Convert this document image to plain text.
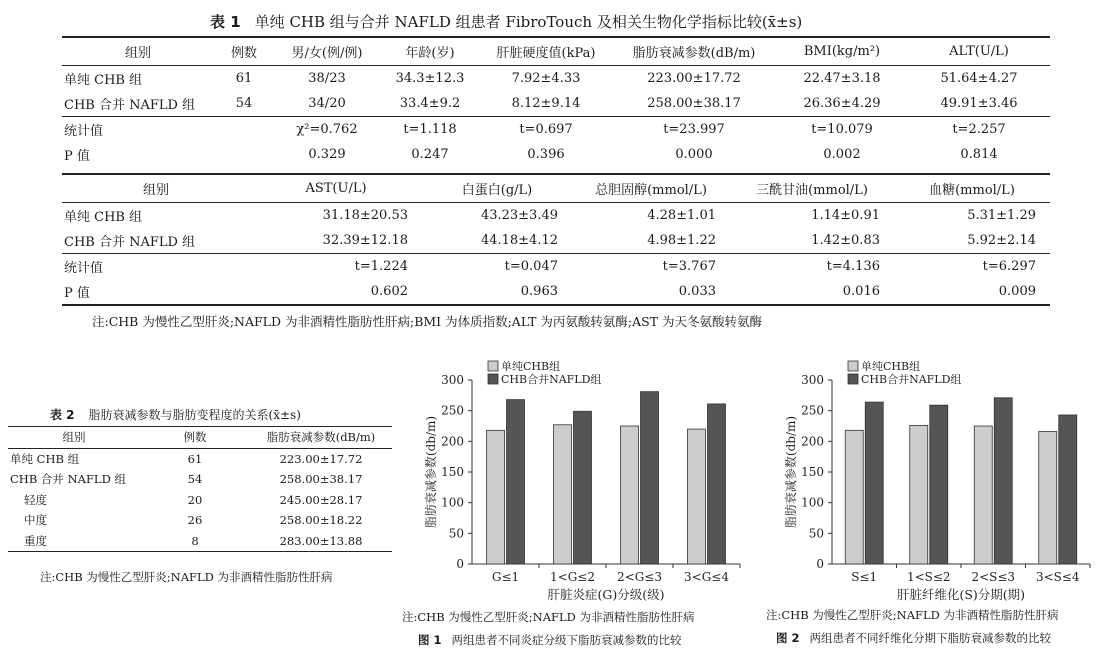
表 1 单纯 CHB 组与合并 NAFLD 组患者 FibroTouch 及相关生物化学指标比较(x̄±s)
组别	例数	男/女(例/例)	年龄(岁)	肝脏硬度值(kPa)	脂肪衰减参数(dB/m)	BMI(kg/m²)	ALT(U/L)
单纯 CHB 组	61	38/23	34.3±12.3	7.92±4.33	223.00±17.72	22.47±3.18	51.64±4.27
CHB 合并 NAFLD 组	54	34/20	33.4±9.2	8.12±9.14	258.00±38.17	26.36±4.29	49.91±3.46
统计值		χ²=0.762	t=1.118	t=0.697	t=23.997	t=10.079	t=2.257
P 值		0.329	0.247	0.396	0.000	0.002	0.814
组别	AST(U/L)	白蛋白(g/L)	总胆固醇(mmol/L)	三酰甘油(mmol/L)	血糖(mmol/L)
单纯 CHB 组	31.18±20.53	43.23±3.49	4.28±1.01	1.14±0.91	5.31±1.29
CHB 合并 NAFLD 组	32.39±12.18	44.18±4.12	4.98±1.22	1.42±0.83	5.92±2.14
统计值	t=1.224	t=0.047	t=3.767	t=4.136	t=6.297
P 值	0.602	0.963	0.033	0.016	0.009
注:CHB 为慢性乙型肝炎;NAFLD 为非酒精性脂肪性肝病;BMI 为体质指数;ALT 为丙氨酸转氨酶;AST 为天冬氨酸转氨酶
表 2 脂肪衰减参数与脂肪变程度的关系(x̄±s)
组别	例数	脂肪衰减参数(dB/m)
单纯 CHB 组	61	223.00±17.72
CHB 合并 NAFLD 组	54	258.00±38.17
轻度	20	245.00±28.17
中度	26	258.00±18.22
重度	8	283.00±13.88
注:CHB 为慢性乙型肝炎;NAFLD 为非酒精性脂肪性肝病
0
50
100
150
200
250
300
G≤1	1<G≤2 2<G≤3 3<G≤4
肝脏炎症(G)分级(级)
脂肪衰减参数(db/m)
单纯CHB组
CHB合并NAFLD组
注:CHB 为慢性乙型肝炎;NAFLD 为非酒精性脂肪性肝病
图 1 两组患者不同炎症分级下脂肪衰减参数的比较
0
50
100
150
200
250
300
S≤1 1<S≤2 2<S≤3 3<S≤4
肝脏纤维化(S)分期(期)
脂肪衰减参数(db/m)
单纯CHB组
CHB合并NAFLD组
注:CHB 为慢性乙型肝炎;NAFLD 为非酒精性脂肪性肝病
图 2 两组患者不同纤维化分期下脂肪衰减参数的比较
